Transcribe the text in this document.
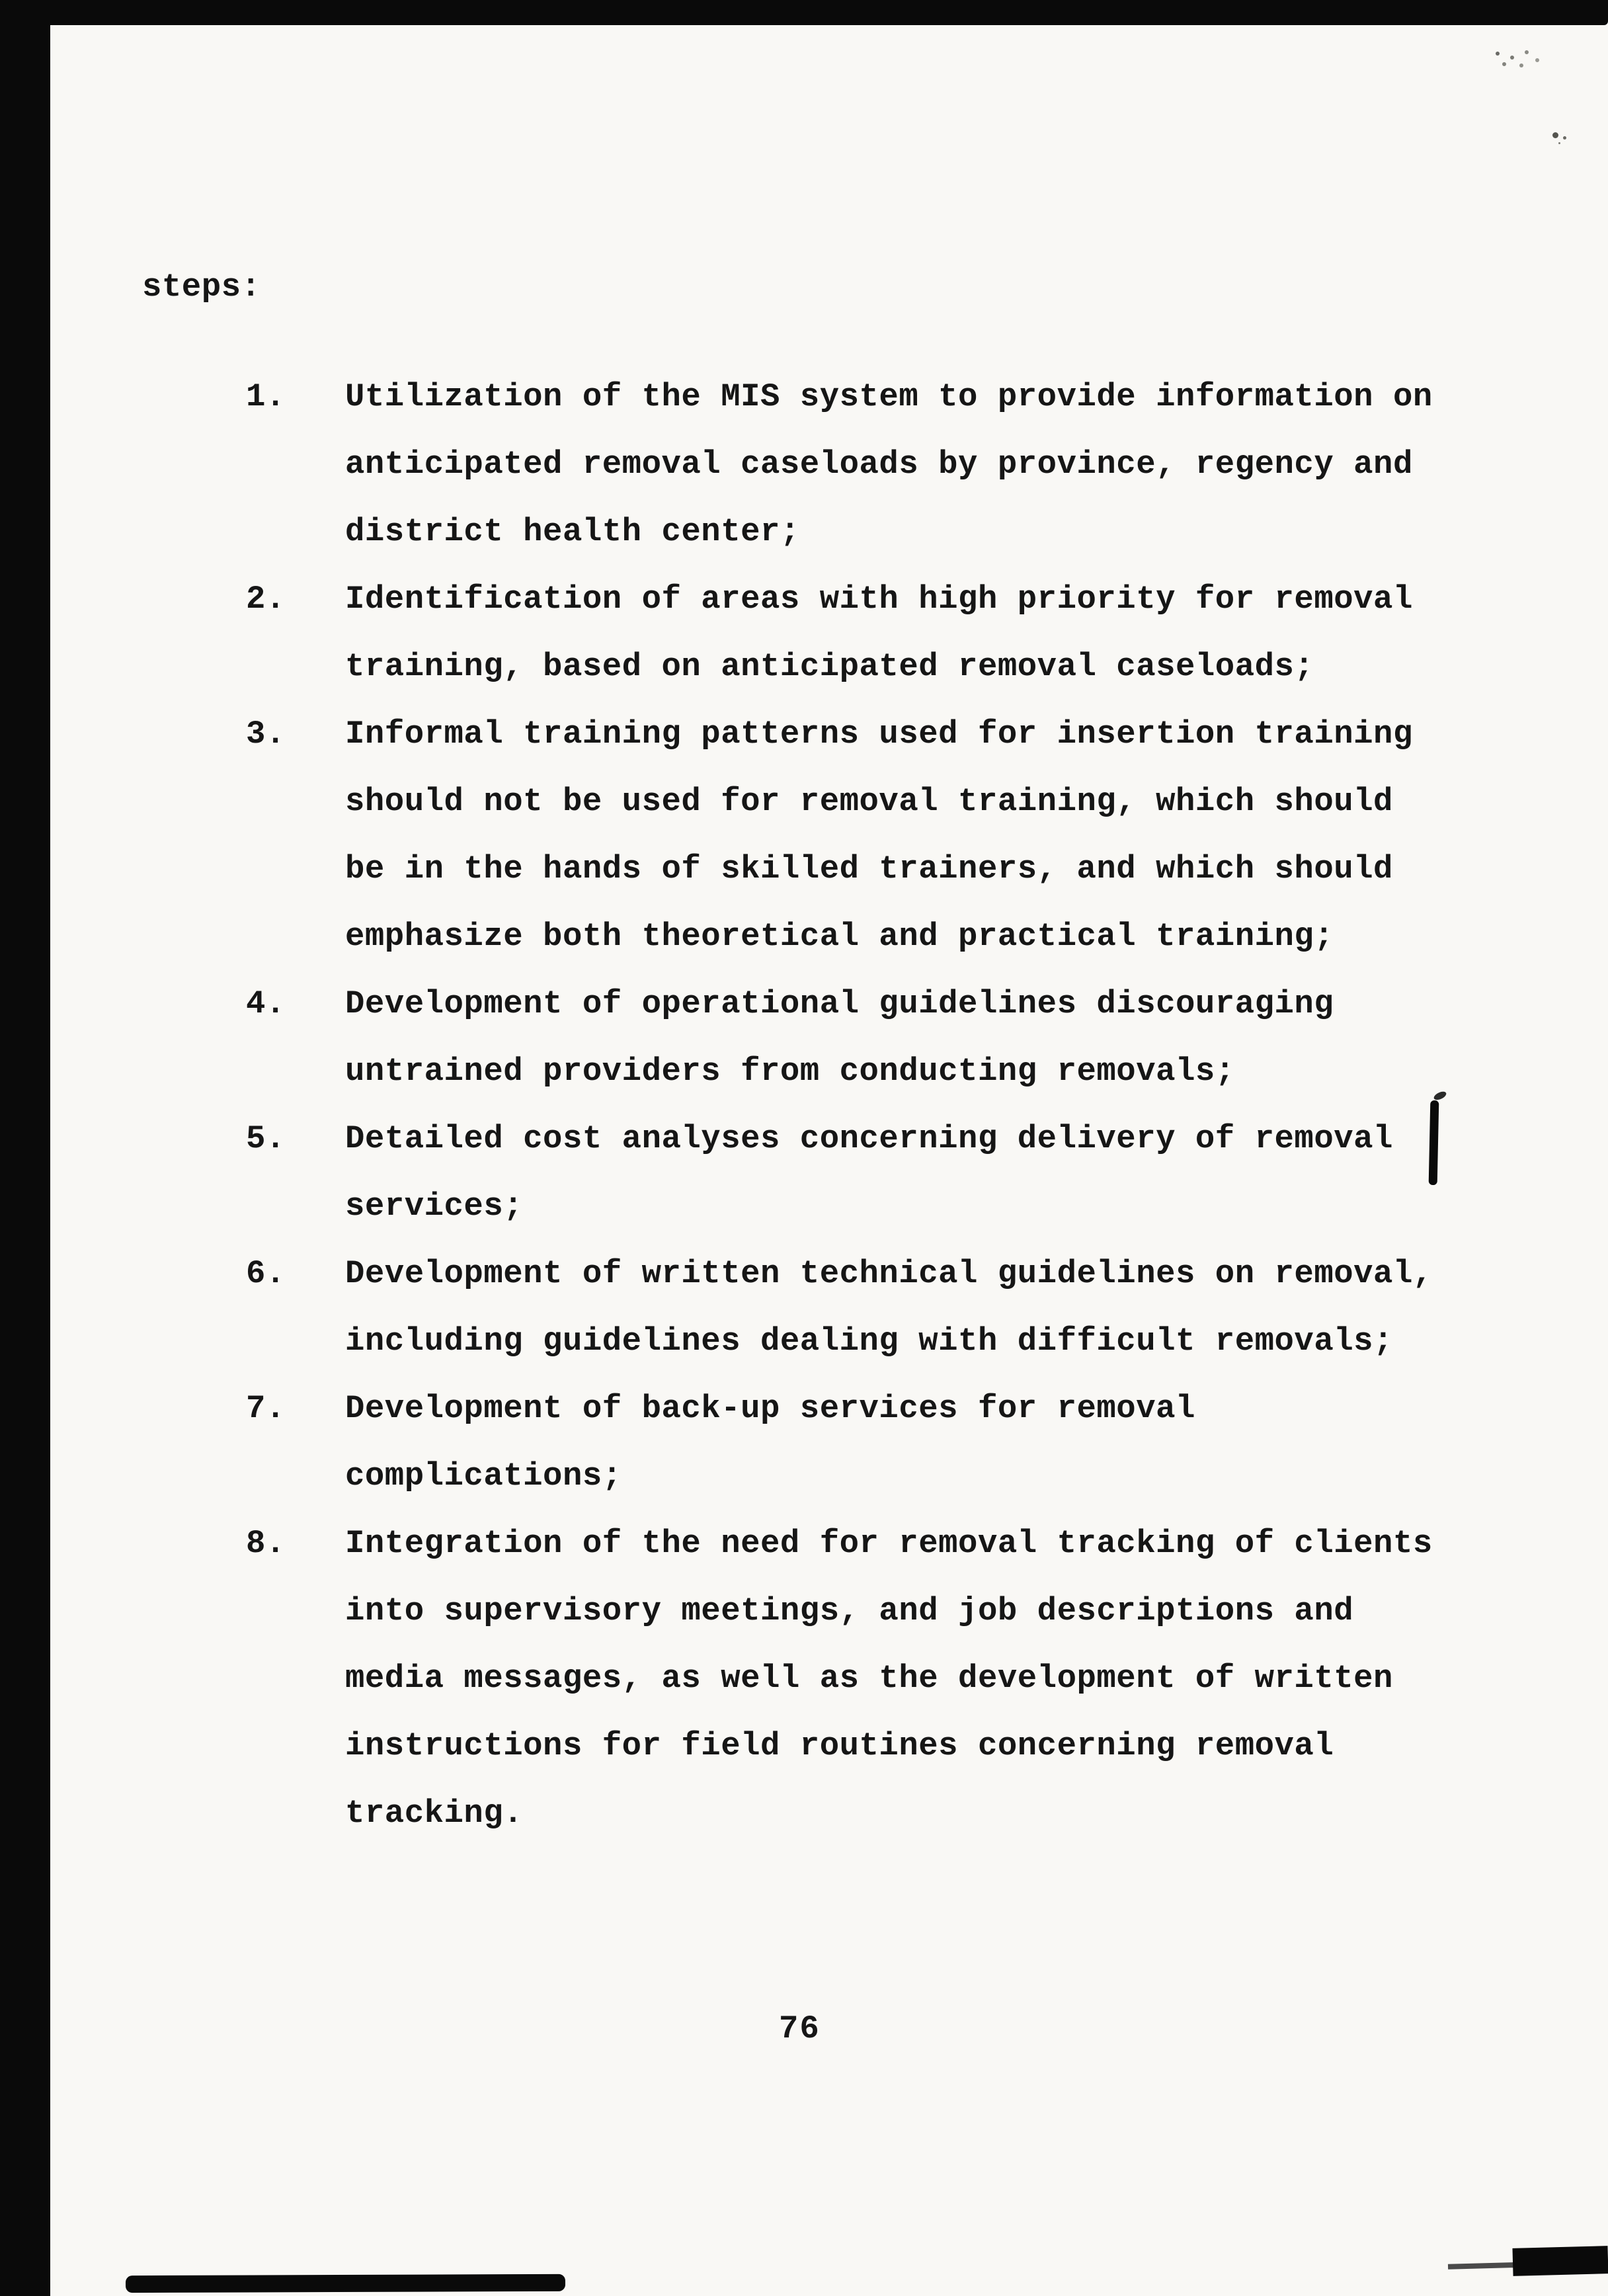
steps:
1.	Utilization of the MIS system to provide information on
anticipated removal caseloads by province, regency and
district health center;
2.	Identification of areas with high priority for removal
training, based on anticipated removal caseloads;
3.	Informal training patterns used for insertion training
should not be used for removal training, which should
be in the hands of skilled trainers, and which should
emphasize both theoretical and practical training;
4.	Development of operational guidelines discouraging
untrained providers from conducting removals;
5.	Detailed cost analyses concerning delivery of removal
services;
6.	Development of written technical guidelines on removal,
including guidelines dealing with difficult removals;
7.	Development of back-up services for removal
complications;
8.	Integration of the need for removal tracking of clients
into supervisory meetings, and job descriptions and
media messages, as well as the development of written
instructions for field routines concerning removal
tracking.
76
